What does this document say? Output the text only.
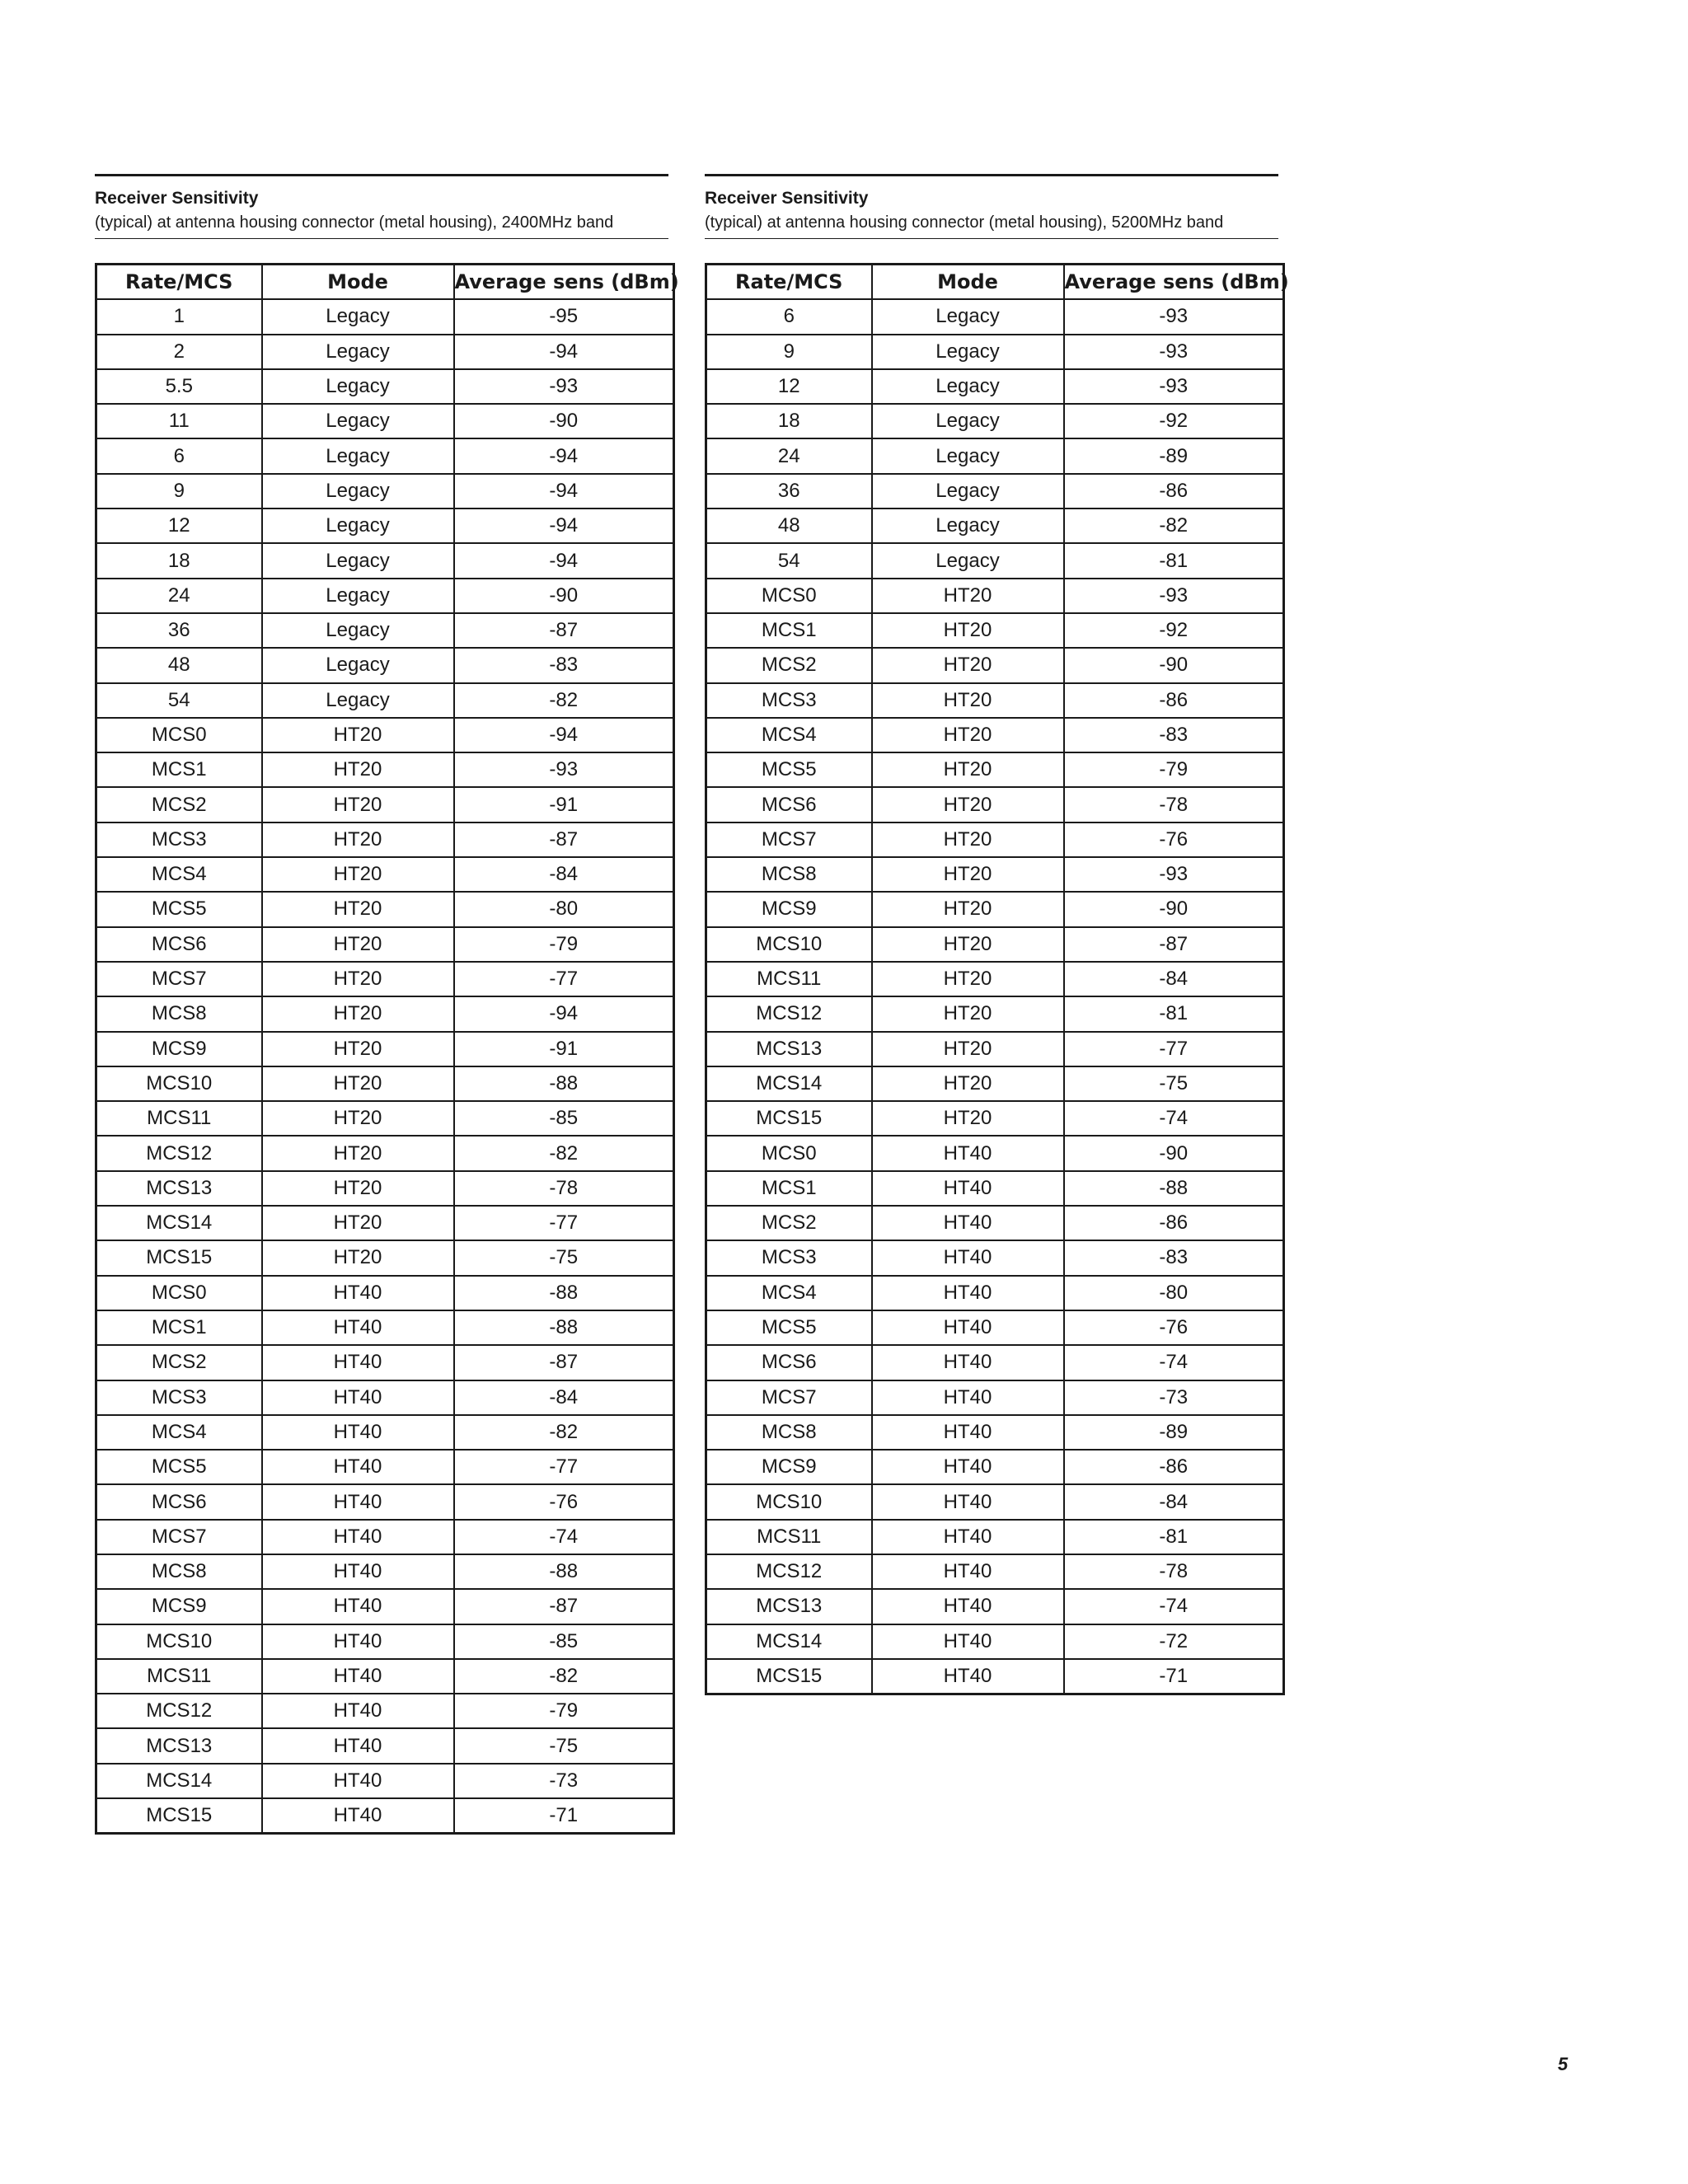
Receiver Sensitivity
(typical) at antenna housing connector (metal housing), 2400MHz band
Rate/MCS	Mode	Average sens (dBm)
1	Legacy	-95
2	Legacy	-94
5.5	Legacy	-93
11	Legacy	-90
6	Legacy	-94
9	Legacy	-94
12	Legacy	-94
18	Legacy	-94
24	Legacy	-90
36	Legacy	-87
48	Legacy	-83
54	Legacy	-82
MCS0	HT20	-94
MCS1	HT20	-93
MCS2	HT20	-91
MCS3	HT20	-87
MCS4	HT20	-84
MCS5	HT20	-80
MCS6	HT20	-79
MCS7	HT20	-77
MCS8	HT20	-94
MCS9	HT20	-91
MCS10	HT20	-88
MCS11	HT20	-85
MCS12	HT20	-82
MCS13	HT20	-78
MCS14	HT20	-77
MCS15	HT20	-75
MCS0	HT40	-88
MCS1	HT40	-88
MCS2	HT40	-87
MCS3	HT40	-84
MCS4	HT40	-82
MCS5	HT40	-77
MCS6	HT40	-76
MCS7	HT40	-74
MCS8	HT40	-88
MCS9	HT40	-87
MCS10	HT40	-85
MCS11	HT40	-82
MCS12	HT40	-79
MCS13	HT40	-75
MCS14	HT40	-73
MCS15	HT40	-71
Receiver Sensitivity
(typical) at antenna housing connector (metal housing), 5200MHz band
Rate/MCS	Mode	Average sens (dBm)
6	Legacy	-93
9	Legacy	-93
12	Legacy	-93
18	Legacy	-92
24	Legacy	-89
36	Legacy	-86
48	Legacy	-82
54	Legacy	-81
MCS0	HT20	-93
MCS1	HT20	-92
MCS2	HT20	-90
MCS3	HT20	-86
MCS4	HT20	-83
MCS5	HT20	-79
MCS6	HT20	-78
MCS7	HT20	-76
MCS8	HT20	-93
MCS9	HT20	-90
MCS10	HT20	-87
MCS11	HT20	-84
MCS12	HT20	-81
MCS13	HT20	-77
MCS14	HT20	-75
MCS15	HT20	-74
MCS0	HT40	-90
MCS1	HT40	-88
MCS2	HT40	-86
MCS3	HT40	-83
MCS4	HT40	-80
MCS5	HT40	-76
MCS6	HT40	-74
MCS7	HT40	-73
MCS8	HT40	-89
MCS9	HT40	-86
MCS10	HT40	-84
MCS11	HT40	-81
MCS12	HT40	-78
MCS13	HT40	-74
MCS14	HT40	-72
MCS15	HT40	-71
5
